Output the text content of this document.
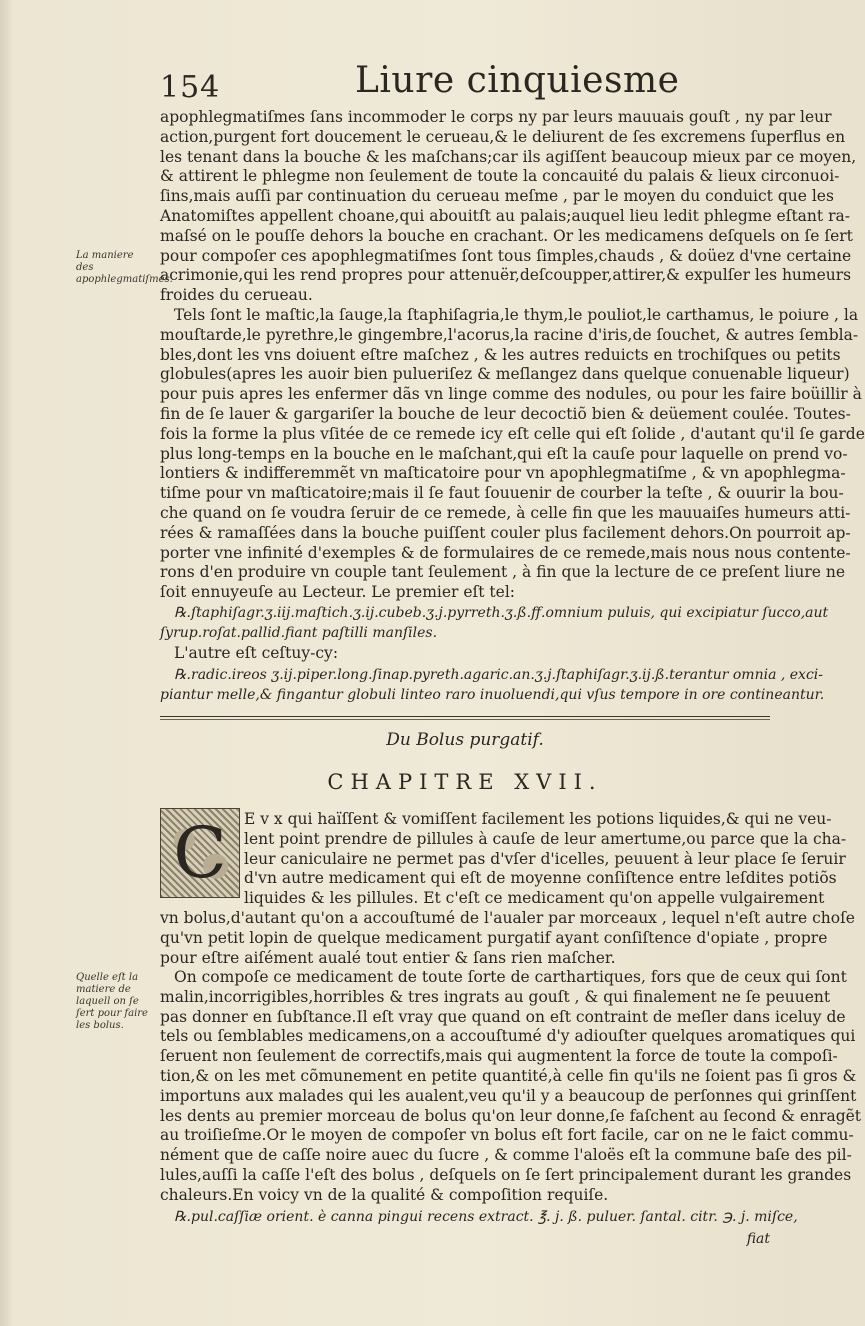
154	Liure cinquiesme
apophlegmatiſmes ſans incommoder le corps ny par leurs mauuais gouſt , ny par leur
action,purgent fort doucement le cerueau,& le deliurent de ſes excremens ſuperflus en
les tenant dans la bouche & les maſchans;car ils agiſſent beaucoup mieux par ce moyen,
& attirent le phlegme non ſeulement de toute la concauité du palais & lieux circonuoi-
ſins,mais auſſi par continuation du cerueau meſme , par le moyen du conduict que les
Anatomiſtes appellent choane,qui abouitſt au palais;auquel lieu ledit phlegme eſtant ra-
maſsé on le pouſſe dehors la bouche en crachant. Or les medicamens deſquels on ſe ſert
pour compoſer ces apophlegmatiſmes ſont tous ſimples,chauds , & doüez d'vne certaine
acrimonie,qui les rend propres pour attenuër,deſcoupper,attirer,& expulſer les humeurs
froides du cerueau.
La maniere des apophlegmatiſmes.
Tels ſont le maſtic,la ſauge,la ſtaphiſagria,le thym,le pouliot,le carthamus, le poiure , la
mouſtarde,le pyrethre,le gingembre,l'acorus,la racine d'iris,de ſouchet, & autres ſembla-
bles,dont les vns doiuent eſtre maſchez , & les autres reduicts en trochiſques ou petits
globules(apres les auoir bien pulueriſez & meſlangez dans quelque conuenable liqueur)
pour puis apres les enfermer dãs vn linge comme des nodules, ou pour les faire boüillir à
fin de ſe lauer & gargariſer la bouche de leur decoctiõ bien & deüement coulée. Toutes-
fois la forme la plus vſitée de ce remede icy eſt celle qui eſt ſolide , d'autant qu'il ſe garde
plus long-temps en la bouche en le maſchant,qui eſt la cauſe pour laquelle on prend vo-
lontiers & indifferemmẽt vn maſticatoire pour vn apophlegmatiſme , & vn apophlegma-
tiſme pour vn maſticatoire;mais il ſe faut ſouuenir de courber la teſte , & ouurir la bou-
che quand on ſe voudra ſeruir de ce remede, à celle fin que les mauuaiſes humeurs atti-
rées & ramaſſées dans la bouche puiſſent couler plus facilement dehors.On pourroit ap-
porter vne infinité d'exemples & de formulaires de ce remede,mais nous nous contente-
rons d'en produire vn couple tant ſeulement , à fin que la lecture de ce preſent liure ne
ſoit ennuyeuſe au Lecteur. Le premier eſt tel:
℞.ſtaphiſagr.ʒ.iij.maſtich.ʒ.ij.cubeb.ʒ.j.pyrreth.ʒ.ß.ff.omnium puluis, qui excipiatur ſucco,aut
ſyrup.roſat.pallid.fiant paſtilli manſiles.
L'autre eſt ceſtuy-cy:
℞.radic.ireos ʒ.ij.piper.long.ſinap.pyreth.agaric.an.ʒ.j.ſtaphiſagr.ʒ.ij.ß.terantur omnia , exci-
piantur melle,& fingantur globuli linteo raro inuoluendi,qui vſus tempore in ore contineantur.
Du Bolus purgatif.
CHAPITRE XVII.
C	E v x qui haïſſent & vomiſſent facilement les potions liquides,& qui ne veu-
lent point prendre de pillules à cauſe de leur amertume,ou parce que la cha-
leur caniculaire ne permet pas d'vſer d'icelles, peuuent à leur place ſe ſeruir
d'vn autre medicament qui eſt de moyenne conſiſtence entre leſdites potiõs
liquides & les pillules. Et c'eſt ce medicament qu'on appelle vulgairement
vn bolus,d'autant qu'on a accouſtumé de l'aualer par morceaux , lequel n'eſt autre choſe
qu'vn petit lopin de quelque medicament purgatif ayant conſiſtence d'opiate , propre
pour eſtre aiſément aualé tout entier & ſans rien maſcher.
Quelle eſt la matiere de laquell on ſe ſert pour faire les bolus.
On compoſe ce medicament de toute ſorte de carthartiques, fors que de ceux qui ſont
malin,incorrigibles,horribles & tres ingrats au gouſt , & qui finalement ne ſe peuuent
pas donner en ſubſtance.Il eſt vray que quand on eſt contraint de meſler dans iceluy de
tels ou ſemblables medicamens,on a accouſtumé d'y adiouſter quelques aromatiques qui
ſeruent non ſeulement de correctifs,mais qui augmentent la force de toute la compoſi-
tion,& on les met cõmunement en petite quantité,à celle fin qu'ils ne ſoient pas ſi gros &
importuns aux malades qui les aualent,veu qu'il y a beaucoup de perſonnes qui grinſſent
les dents au premier morceau de bolus qu'on leur donne,ſe faſchent au ſecond & enragẽt
au troiſieſme.Or le moyen de compoſer vn bolus eſt fort facile, car on ne le faict commu-
nément que de caſſe noire auec du ſucre , & comme l'aloës eſt la commune baſe des pil-
lules,auſſi la caſſe l'eſt des bolus , deſquels on ſe ſert principalement durant les grandes
chaleurs.En voicy vn de la qualité & compoſition requiſe.
℞.pul.caſſiæ orient. è canna pingui recens extract. ℥. j. ß. puluer. ſantal. citr. ℈. j. miſce,
fiat
